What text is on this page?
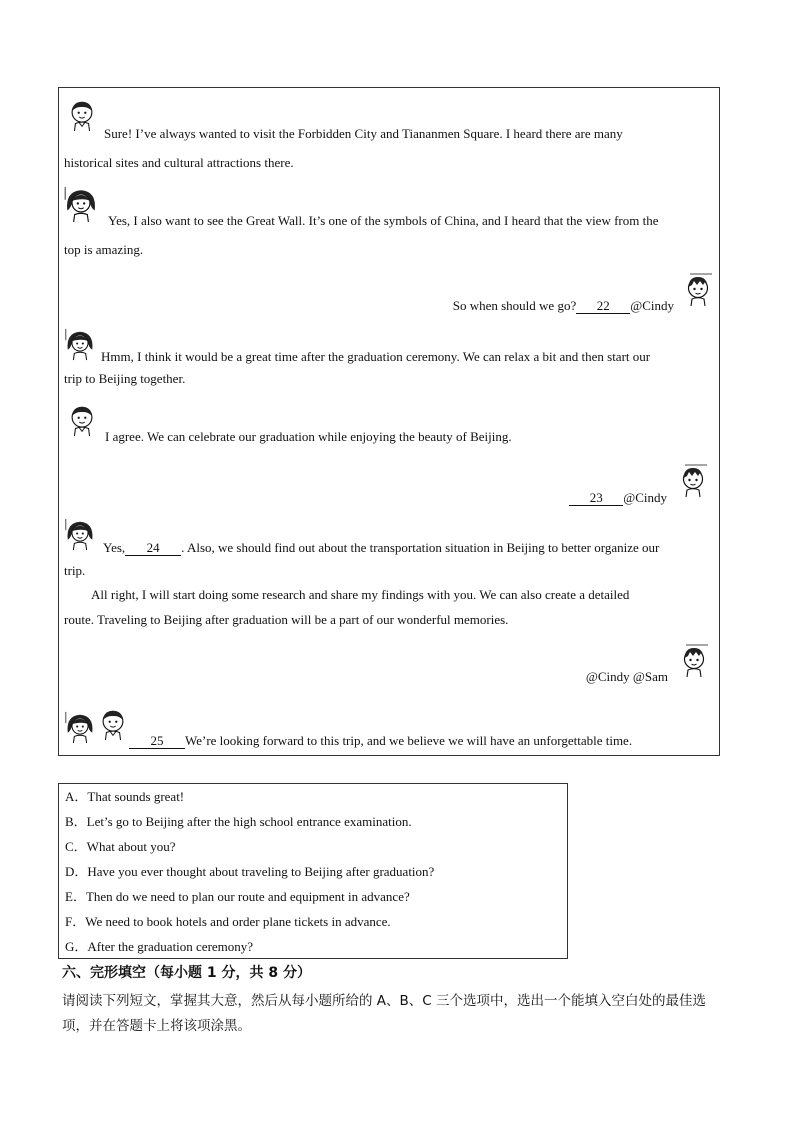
Sure! I’ve always wanted to visit the Forbidden City and Tiananmen Square. I heard there are many
historical sites and cultural attractions there.
Yes, I also want to see the Great Wall. It’s one of the symbols of China, and I heard that the view from the
top is amazing.
So when should we go? 22 @Cindy
Hmm, I think it would be a great time after the graduation ceremony. We can relax a bit and then start our
trip to Beijing together.
I agree. We can celebrate our graduation while enjoying the beauty of Beijing.
23 @Cindy
Yes, 24 . Also, we should find out about the transportation situation in Beijing to better organize our
trip.
All right, I will start doing some research and share my findings with you. We can also create a detailed
route. Traveling to Beijing after graduation will be a part of our wonderful memories.
@Cindy @Sam
25 We’re looking forward to this trip, and we believe we will have an unforgettable time.
A．That sounds great!
B．Let’s go to Beijing after the high school entrance examination.
C．What about you?
D．Have you ever thought about traveling to Beijing after graduation?
E．Then do we need to plan our route and equipment in advance?
F．We need to book hotels and order plane tickets in advance.
G．After the graduation ceremony?
六、完形填空（每小题 1 分，共 8 分）
请阅读下列短文，掌握其大意，然后从每小题所给的 A、B、C 三个选项中，选出一个能填入空白处的最佳选
项，并在答题卡上将该项涂黑。
